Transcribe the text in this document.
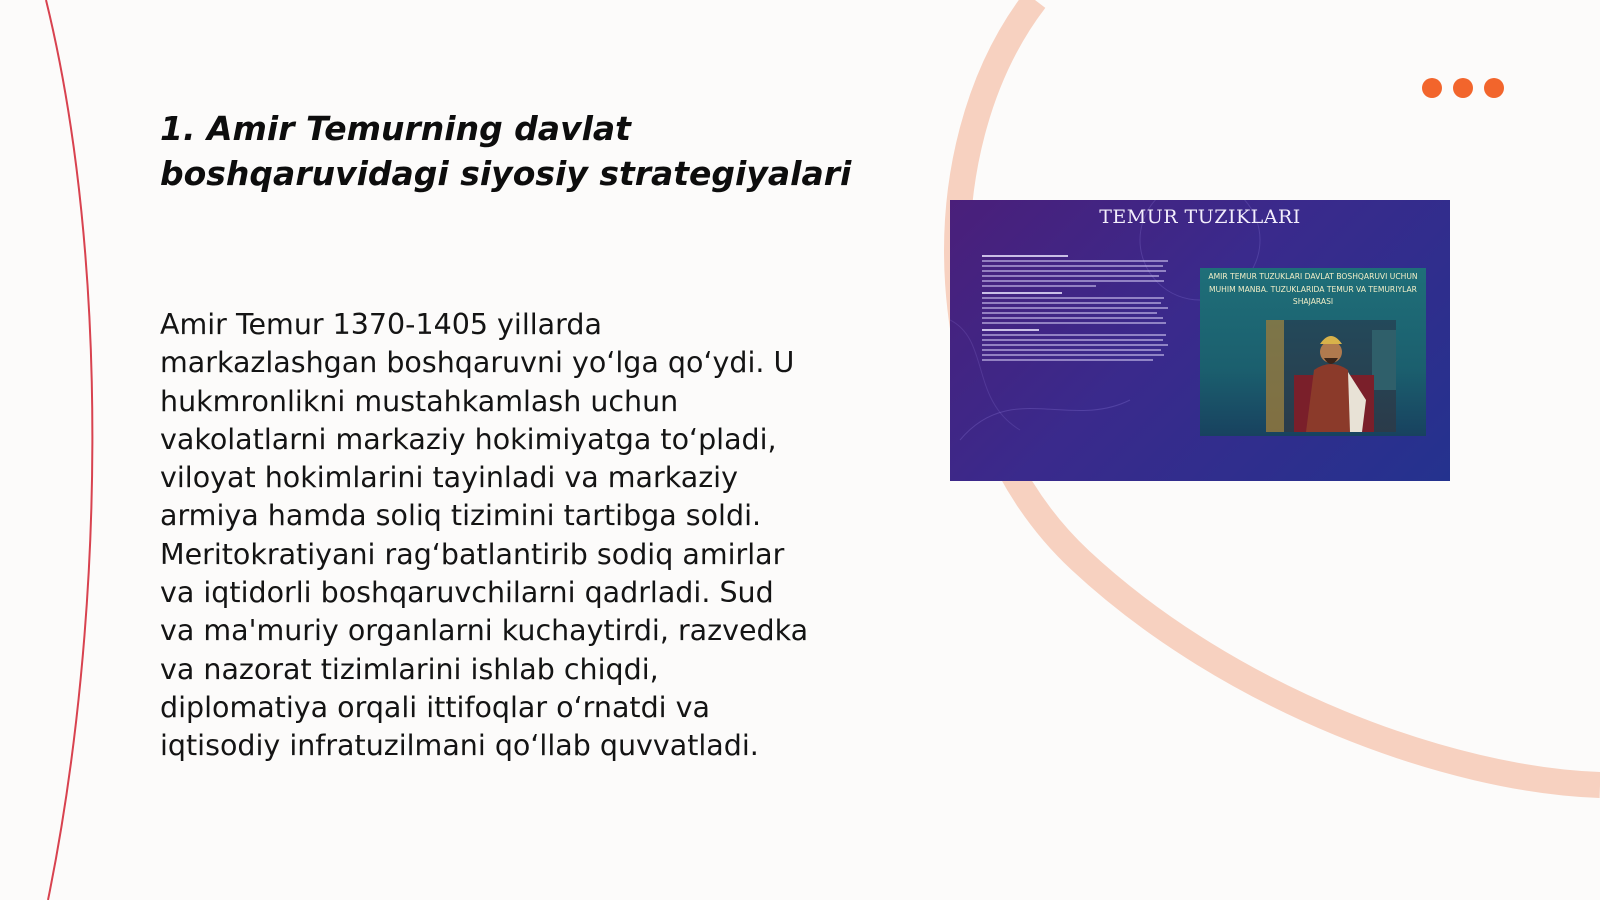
1. Amir Temurning davlat
boshqaruvidagi siyosiy strategiyalari
Amir Temur 1370-1405 yillarda
markazlashgan boshqaruvni yo‘lga qo‘ydi. U
hukmronlikni mustahkamlash uchun
vakolatlarni markaziy hokimiyatga to‘pladi,
viloyat hokimlarini tayinladi va markaziy
armiya hamda soliq tizimini tartibga soldi.
Meritokratiyani rag‘batlantirib sodiq amirlar
va iqtidorli boshqaruvchilarni qadrladi. Sud
va ma'muriy organlarni kuchaytirdi, razvedka
va nazorat tizimlarini ishlab chiqdi,
diplomatiya orqali ittifoqlar o‘rnatdi va
iqtisodiy infratuzilmani qo‘llab quvvatladi.
TEMUR TUZIKLARI
AMIR TEMUR TUZUKLARI DAVLAT BOSHQARUVI UCHUN MUHIM MANBA. TUZUKLARIDA TEMUR VA TEMURIYLAR SHAJARASI
